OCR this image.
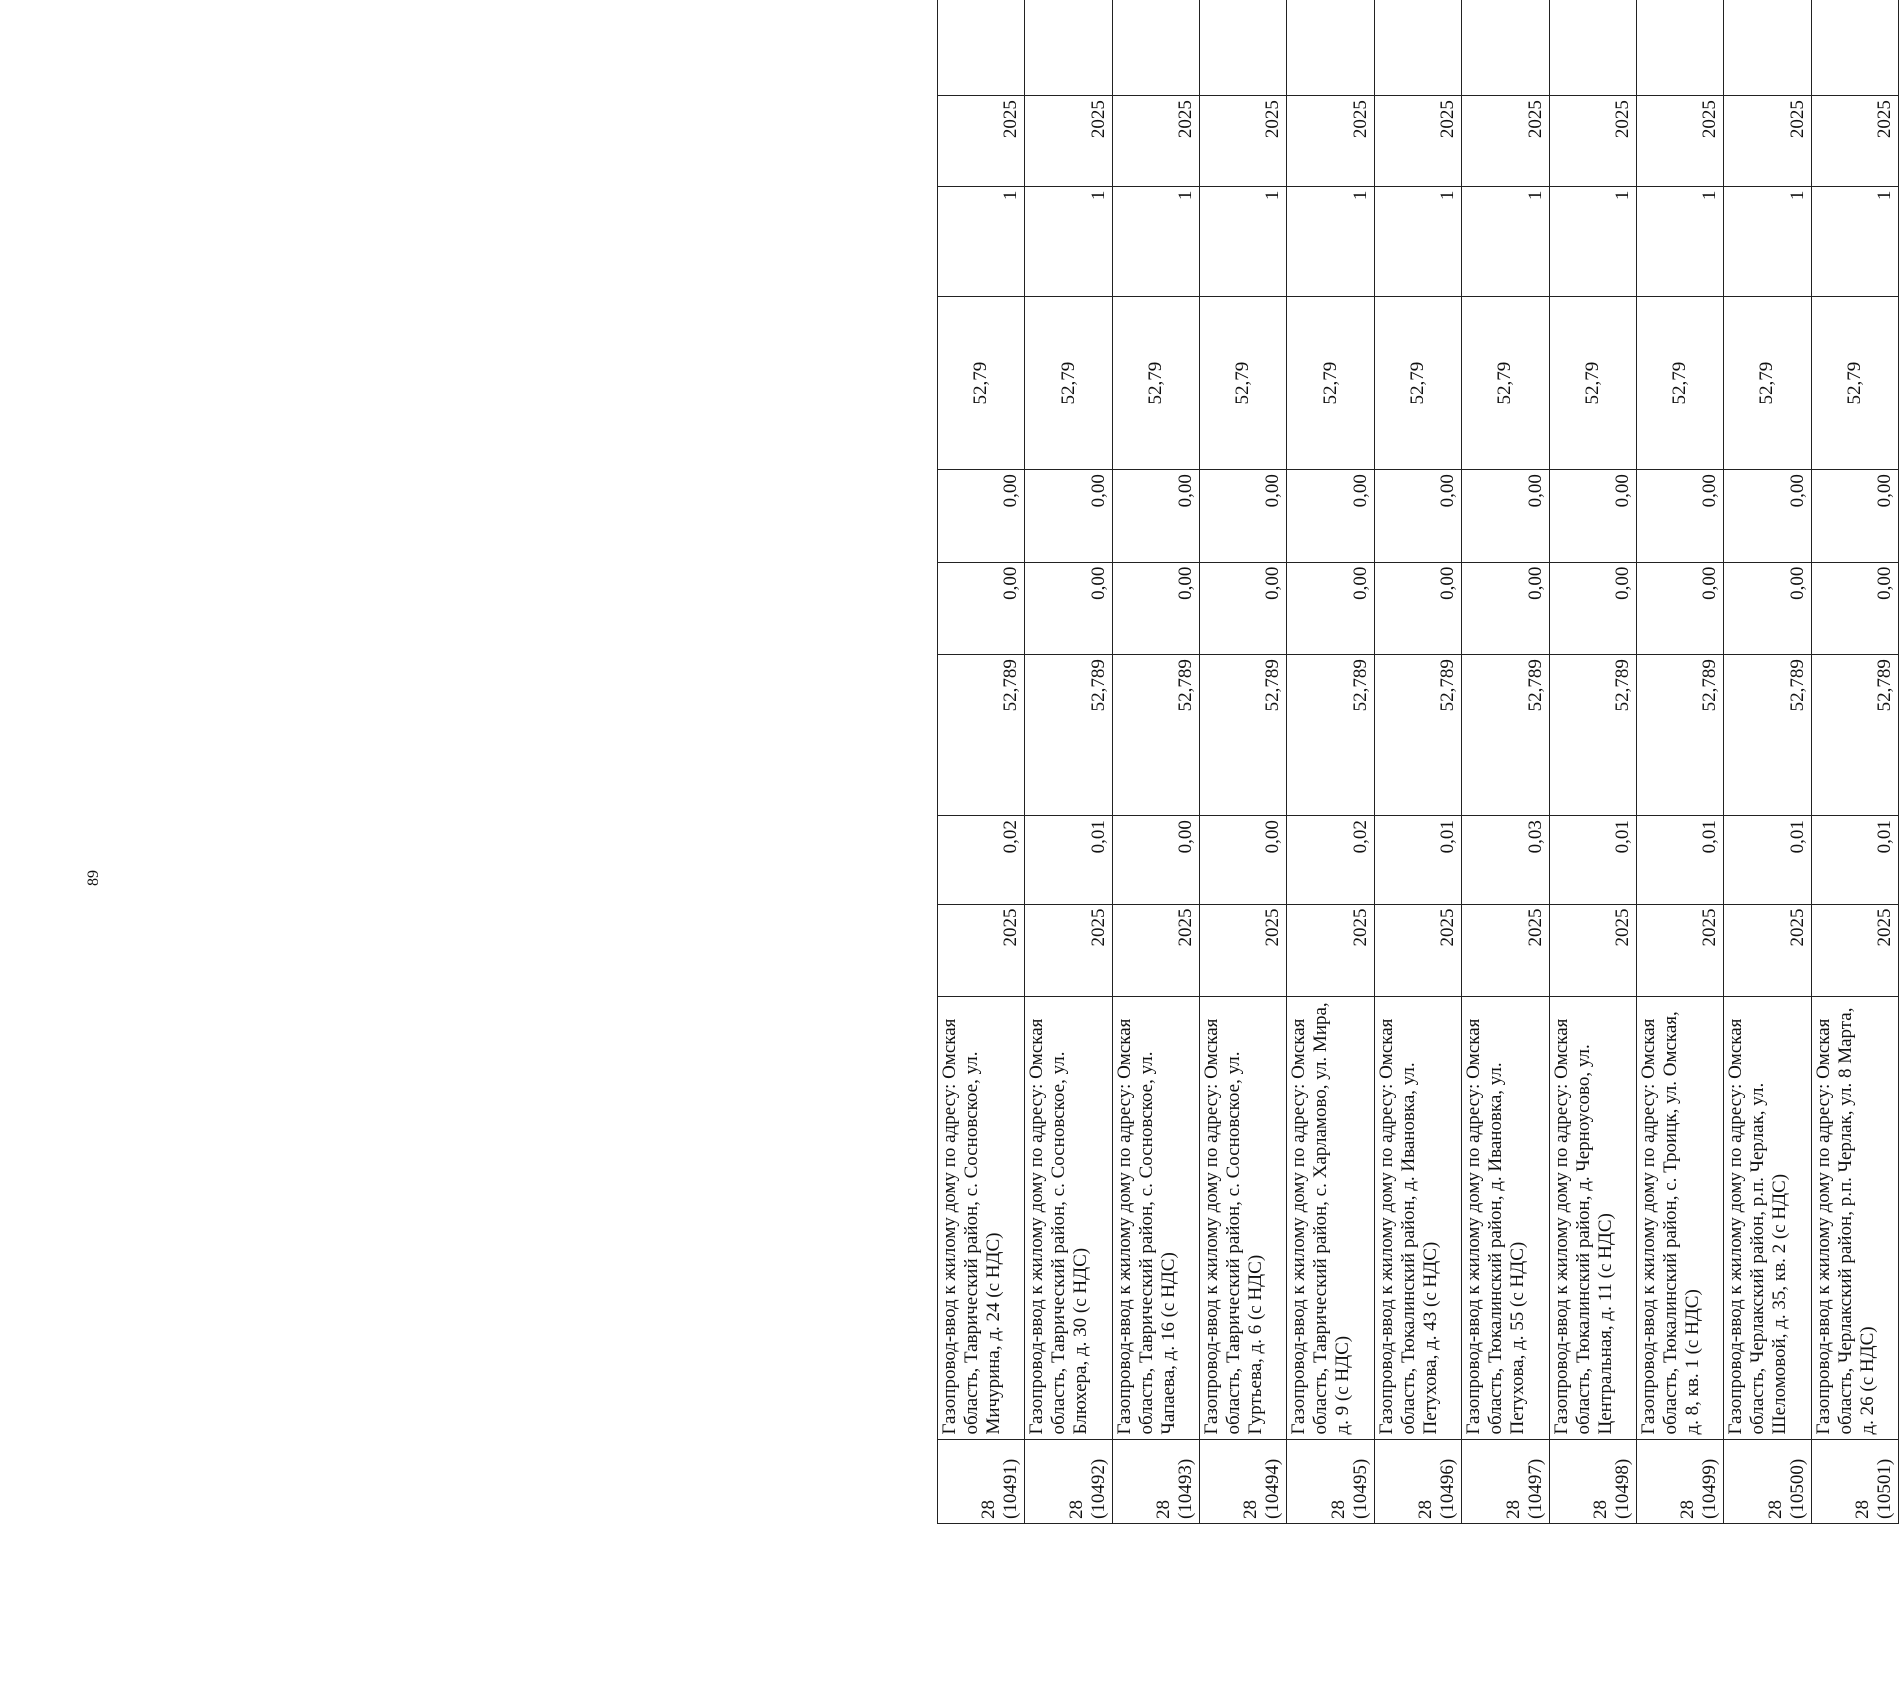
89
28 (10491)	Газопровод-ввод к жилому дому по адресу: Омская область, Таврический район, с. Сосновское, ул. Мичурина, д. 24 (с НДС)	2025	0,02	52,789	0,00	0,00	52,79	1	2025	

28 (10492)	Газопровод-ввод к жилому дому по адресу: Омская область, Таврический район, с. Сосновское, ул. Блюхера, д. 30 (с НДС)	2025	0,01	52,789	0,00	0,00	52,79	1	2025	

28 (10493)	Газопровод-ввод к жилому дому по адресу: Омская область, Таврический район, с. Сосновское, ул. Чапаева, д. 16 (с НДС)	2025	0,00	52,789	0,00	0,00	52,79	1	2025	

28 (10494)	Газопровод-ввод к жилому дому по адресу: Омская область, Таврический район, с. Сосновское, ул. Гуртьева, д. 6 (с НДС)	2025	0,00	52,789	0,00	0,00	52,79	1	2025	

28 (10495)	Газопровод-ввод к жилому дому по адресу: Омская область, Таврический район, с. Харламово, ул. Мира, д. 9 (с НДС)	2025	0,02	52,789	0,00	0,00	52,79	1	2025	

28 (10496)	Газопровод-ввод к жилому дому по адресу: Омская область, Тюкалинский район, д. Ивановка, ул. Петухова, д. 43 (с НДС)	2025	0,01	52,789	0,00	0,00	52,79	1	2025	

28 (10497)	Газопровод-ввод к жилому дому по адресу: Омская область, Тюкалинский район, д. Ивановка, ул. Петухова, д. 55 (с НДС)	2025	0,03	52,789	0,00	0,00	52,79	1	2025	

28 (10498)	Газопровод-ввод к жилому дому по адресу: Омская область, Тюкалинский район, д. Черноусово, ул. Центральная, д. 11 (с НДС)	2025	0,01	52,789	0,00	0,00	52,79	1	2025	

28 (10499)	Газопровод-ввод к жилому дому по адресу: Омская область, Тюкалинский район, с. Троицк, ул. Омская, д. 8, кв. 1 (с НДС)	2025	0,01	52,789	0,00	0,00	52,79	1	2025	

28 (10500)	Газопровод-ввод к жилому дому по адресу: Омская область, Черлакский район, р.п. Черлак, ул. Шеломовой, д. 35, кв. 2 (с НДС)	2025	0,01	52,789	0,00	0,00	52,79	1	2025	

28 (10501)	Газопровод-ввод к жилому дому по адресу: Омская область, Черлакский район, р.п. Черлак, ул. 8 Марта, д. 26 (с НДС)	2025	0,01	52,789	0,00	0,00	52,79	1	2025	
